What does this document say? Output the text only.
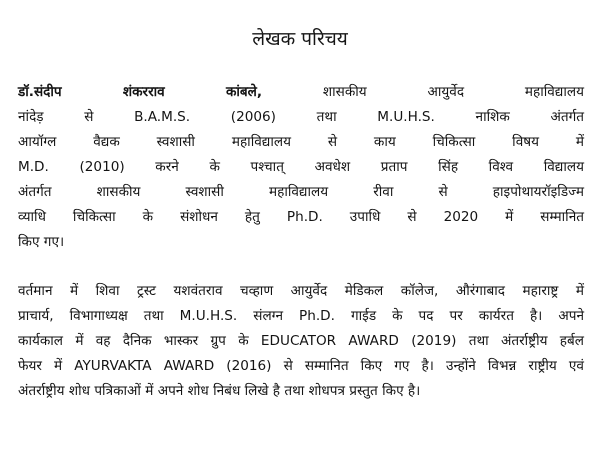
लेखक परिचय
डॉ.संदीप शंकरराव कांबले,	शासकीय आयुर्वेद महाविद्यालय
नांदेड़ से B.A.M.S. (2006) तथा M.U.H.S. नाशिक अंतर्गत
आयॉग्ल वैद्यक स्वशासी महाविद्यालय से काय चिकित्सा विषय में
M.D. (2010) करने के पश्चात् अवधेश प्रताप सिंह विश्व विद्यालय
अंतर्गत शासकीय स्वशासी महाविद्यालय रीवा से हाइपोथायरॉइडिज्म
व्याधि चिकित्सा के संशोधन हेतु Ph.D. उपाधि से 2020 में सम्मानित
किए गए।
वर्तमान में शिवा ट्रस्ट यशवंतराव चव्हाण आयुर्वेद मेडिकल कॉलेज, औरंगाबाद महाराष्ट्र में
प्राचार्य, विभागाध्यक्ष तथा M.U.H.S. संलग्न Ph.D. गाईड के पद पर कार्यरत है। अपने
कार्यकाल में वह दैनिक भास्कर ग्रुप के EDUCATOR AWARD (2019) तथा अंतर्राष्ट्रीय हर्बल
फेयर में AYURVAKTA AWARD (2016) से सम्मानित किए गए है। उन्होंने विभन्न राष्ट्रीय एवं
अंतर्राष्ट्रीय शोध पत्रिकाओं में अपने शोध निबंध लिखे है तथा शोधपत्र प्रस्तुत किए है।
